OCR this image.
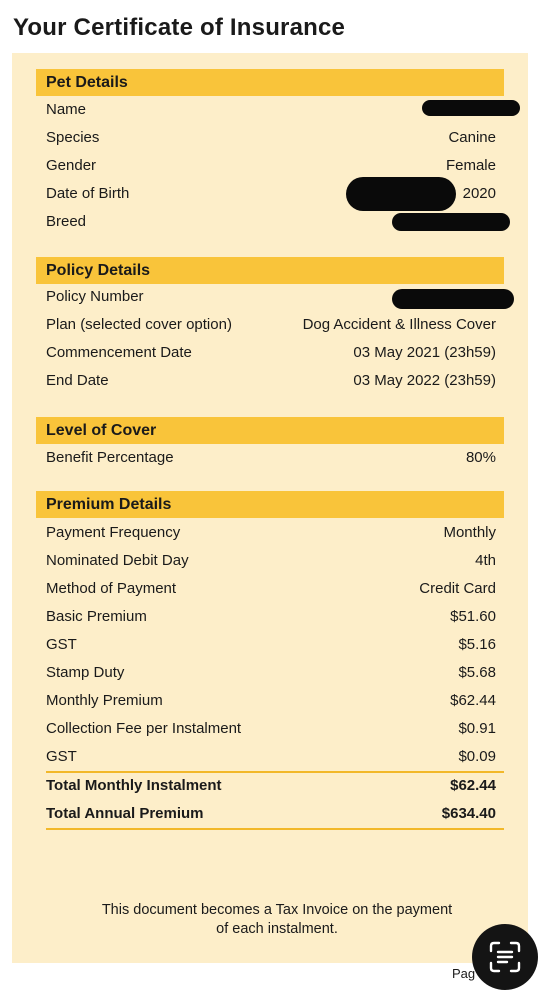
Your Certificate of Insurance
Pet Details
Name
Species	Canine
Gender	Female
Date of Birth	2020
Breed
Policy Details
Policy Number
Plan (selected cover option)	Dog Accident & Illness Cover
Commencement Date	03 May 2021 (23h59)
End Date	03 May 2022 (23h59)
Level of Cover
Benefit Percentage	80%
Premium Details
Payment Frequency	Monthly
Nominated Debit Day	4th
Method of Payment	Credit Card
Basic Premium	$51.60
GST	$5.16
Stamp Duty	$5.68
Monthly Premium	$62.44
Collection Fee per Instalment	$0.91
GST	$0.09
Total Monthly Instalment	$62.44
Total Annual Premium	$634.40
This document becomes a Tax Invoice on the payment
of each instalment.
Pag
